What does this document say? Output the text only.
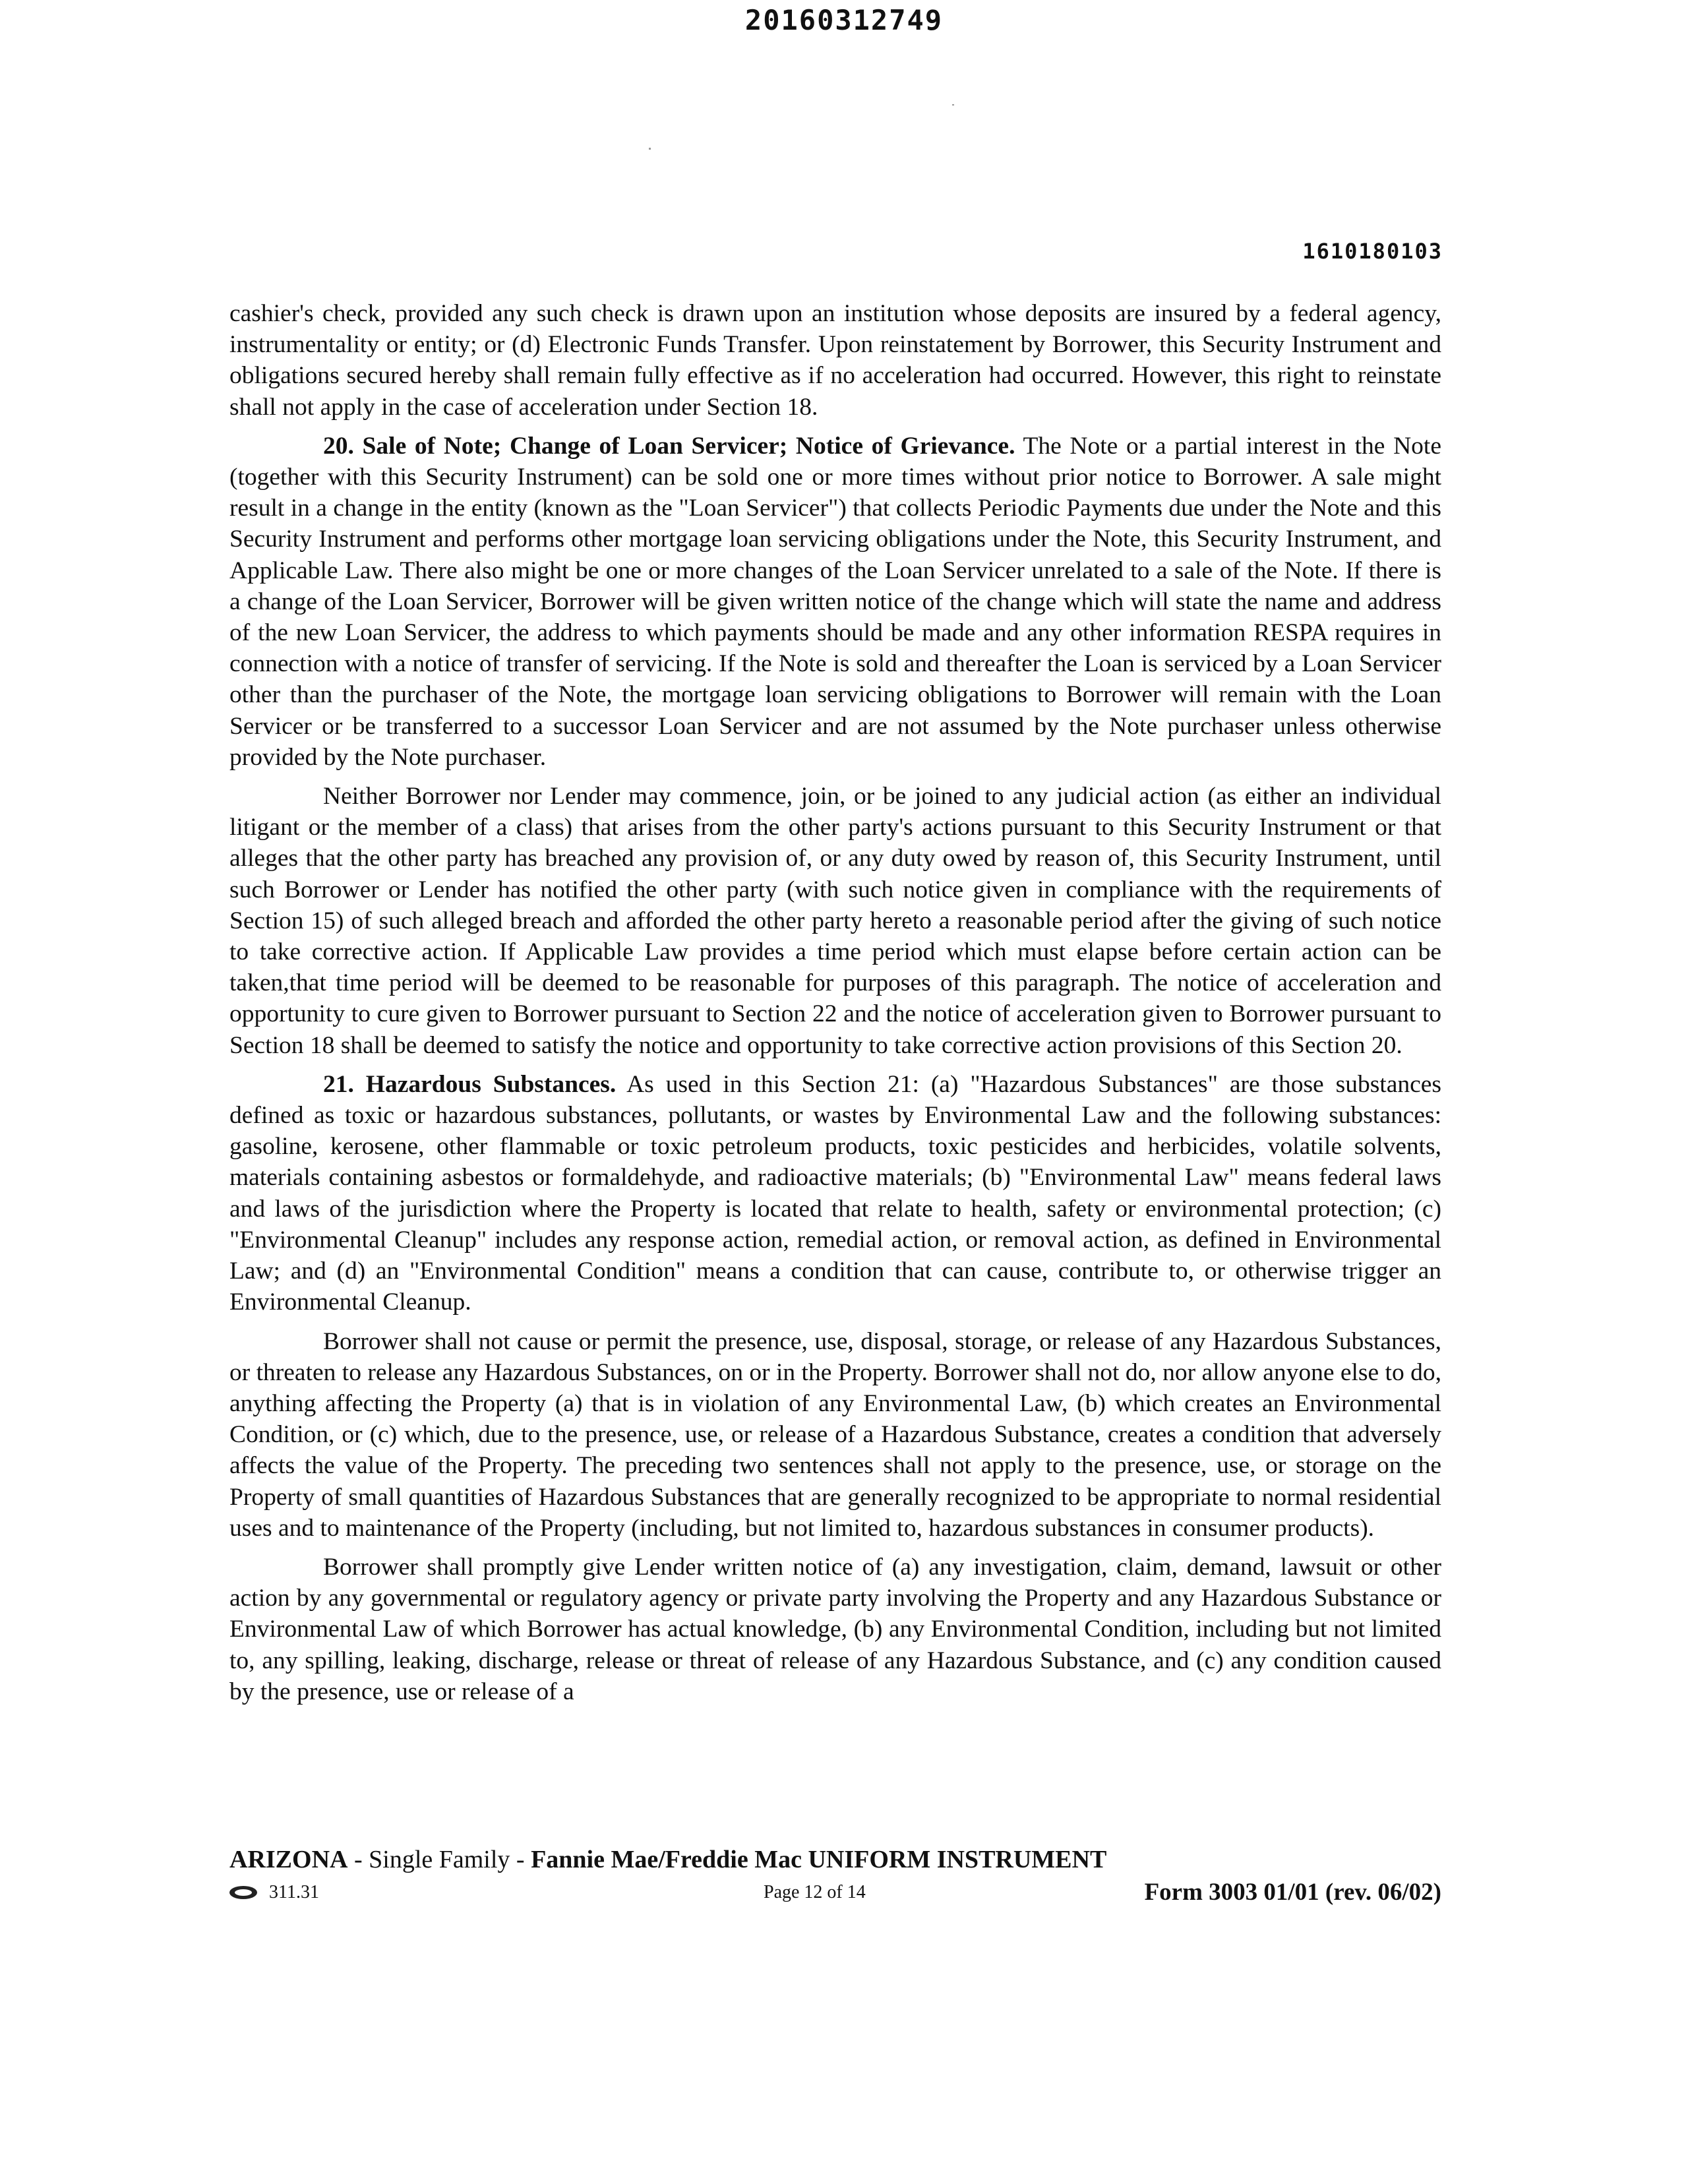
20160312749
1610180103

cashier's check, provided any such check is drawn upon an institution whose deposits are insured by a federal agency, instrumentality or entity; or (d) Electronic Funds Transfer. Upon reinstatement by Borrower, this Security Instrument and obligations secured hereby shall remain fully effective as if no acceleration had occurred. However, this right to reinstate shall not apply in the case of acceleration under Section 18.

20. Sale of Note; Change of Loan Servicer; Notice of Grievance. The Note or a partial interest in the Note (together with this Security Instrument) can be sold one or more times without prior notice to Borrower. A sale might result in a change in the entity (known as the "Loan Servicer") that collects Periodic Payments due under the Note and this Security Instrument and performs other mortgage loan servicing obligations under the Note, this Security Instrument, and Applicable Law. There also might be one or more changes of the Loan Servicer unrelated to a sale of the Note. If there is a change of the Loan Servicer, Borrower will be given written notice of the change which will state the name and address of the new Loan Servicer, the address to which payments should be made and any other information RESPA requires in connection with a notice of transfer of servicing. If the Note is sold and thereafter the Loan is serviced by a Loan Servicer other than the purchaser of the Note, the mortgage loan servicing obligations to Borrower will remain with the Loan Servicer or be transferred to a successor Loan Servicer and are not assumed by the Note purchaser unless otherwise provided by the Note purchaser.

Neither Borrower nor Lender may commence, join, or be joined to any judicial action (as either an individual litigant or the member of a class) that arises from the other party's actions pursuant to this Security Instrument or that alleges that the other party has breached any provision of, or any duty owed by reason of, this Security Instrument, until such Borrower or Lender has notified the other party (with such notice given in compliance with the requirements of Section 15) of such alleged breach and afforded the other party hereto a reasonable period after the giving of such notice to take corrective action. If Applicable Law provides a time period which must elapse before certain action can be taken,that time period will be deemed to be reasonable for purposes of this paragraph. The notice of acceleration and opportunity to cure given to Borrower pursuant to Section 22 and the notice of acceleration given to Borrower pursuant to Section 18 shall be deemed to satisfy the notice and opportunity to take corrective action provisions of this Section 20.

21. Hazardous Substances. As used in this Section 21: (a) "Hazardous Substances" are those substances defined as toxic or hazardous substances, pollutants, or wastes by Environmental Law and the following substances: gasoline, kerosene, other flammable or toxic petroleum products, toxic pesticides and herbicides, volatile solvents, materials containing asbestos or formaldehyde, and radioactive materials; (b) "Environmental Law" means federal laws and laws of the jurisdiction where the Property is located that relate to health, safety or environmental protection; (c) "Environmental Cleanup" includes any response action, remedial action, or removal action, as defined in Environmental Law; and (d) an "Environmental Condition" means a condition that can cause, contribute to, or otherwise trigger an Environmental Cleanup.

Borrower shall not cause or permit the presence, use, disposal, storage, or release of any Hazardous Substances, or threaten to release any Hazardous Substances, on or in the Property. Borrower shall not do, nor allow anyone else to do, anything affecting the Property (a) that is in violation of any Environmental Law, (b) which creates an Environmental Condition, or (c) which, due to the presence, use, or release of a Hazardous Substance, creates a condition that adversely affects the value of the Property. The preceding two sentences shall not apply to the presence, use, or storage on the Property of small quantities of Hazardous Substances that are generally recognized to be appropriate to normal residential uses and to maintenance of the Property (including, but not limited to, hazardous substances in consumer products).

Borrower shall promptly give Lender written notice of (a) any investigation, claim, demand, lawsuit or other action by any governmental or regulatory agency or private party involving the Property and any Hazardous Substance or Environmental Law of which Borrower has actual knowledge, (b) any Environmental Condition, including but not limited to, any spilling, leaking, discharge, release or threat of release of any Hazardous Substance, and (c) any condition caused by the presence, use or release of a

ARIZONA - Single Family - Fannie Mae/Freddie Mac UNIFORM INSTRUMENT
311.31	Page 12 of 14	Form 3003 01/01 (rev. 06/02)
